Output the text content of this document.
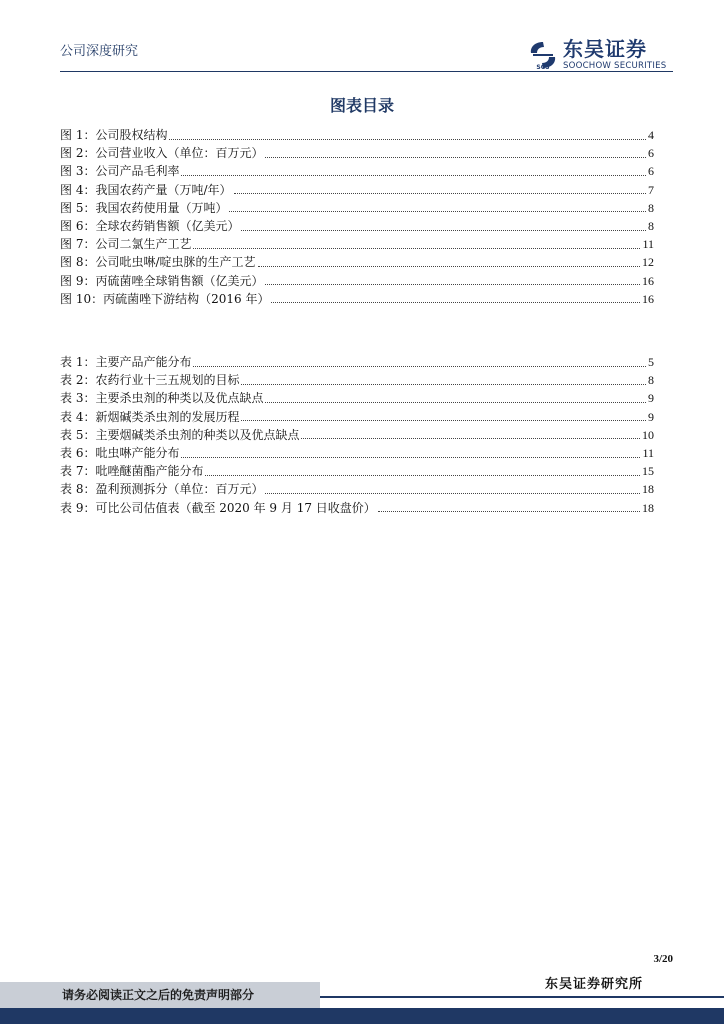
公司深度研究
SCS
东吴证券
SOOCHOW SECURITIES
图表目录
图 1：公司股权结构	4
图 2：公司营业收入（单位：百万元）	6
图 3：公司产品毛利率	6
图 4：我国农药产量（万吨/年）	7
图 5：我国农药使用量（万吨）	8
图 6：全球农药销售额（亿美元）	8
图 7：公司二氯生产工艺	11
图 8：公司吡虫啉/啶虫脒的生产工艺	12
图 9：丙硫菌唑全球销售额（亿美元）	16
图 10：丙硫菌唑下游结构（2016 年）	16
表 1：主要产品产能分布	5
表 2：农药行业十三五规划的目标	8
表 3：主要杀虫剂的种类以及优点缺点	9
表 4：新烟碱类杀虫剂的发展历程	9
表 5：主要烟碱类杀虫剂的种类以及优点缺点	10
表 6：吡虫啉产能分布	11
表 7：吡唑醚菌酯产能分布	15
表 8：盈利预测拆分（单位：百万元）	18
表 9：可比公司估值表（截至 2020 年 9 月 17 日收盘价）	18
3/20
请务必阅读正文之后的免责声明部分
东吴证券研究所
